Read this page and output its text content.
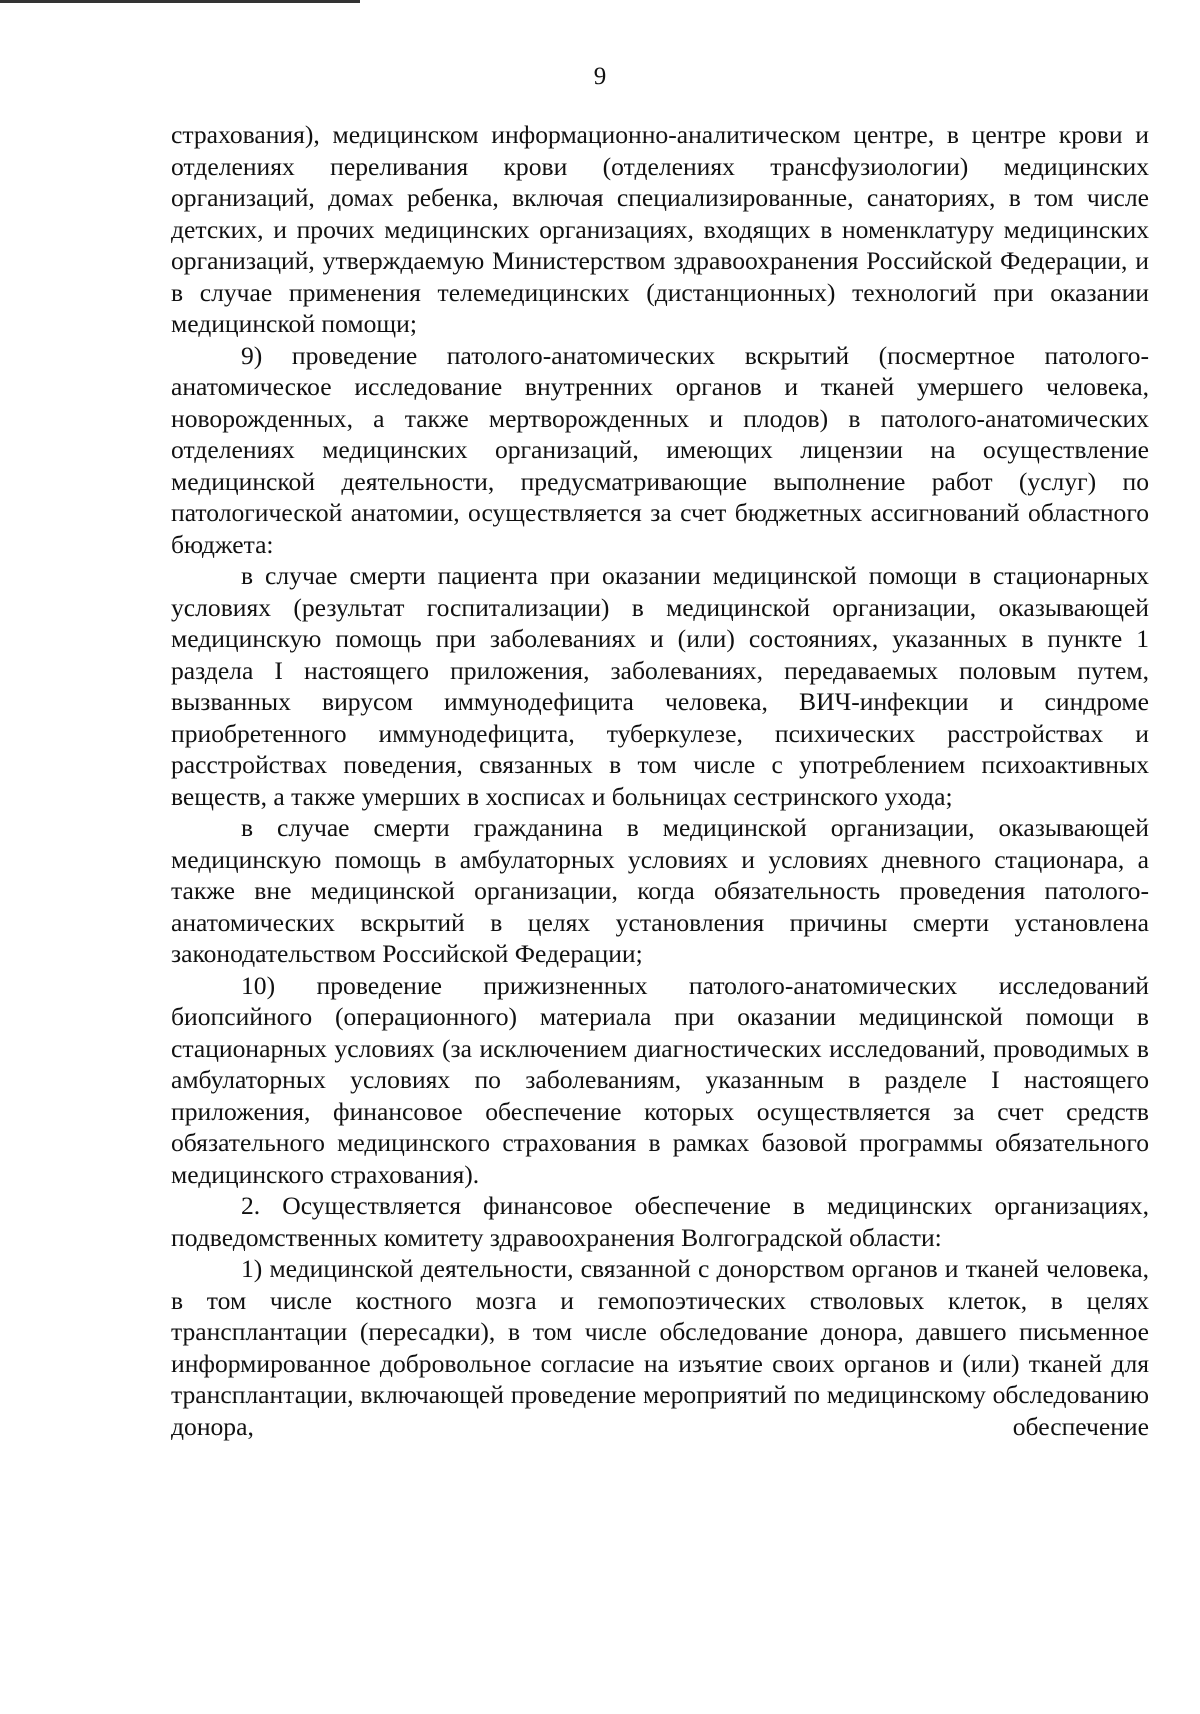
9

страхования), медицинском информационно-аналитическом центре, в центре крови и отделениях переливания крови (отделениях трансфузиологии) медицинских организаций, домах ребенка, включая специализированные, санаториях, в том числе детских, и прочих медицинских организациях, входящих в номенклатуру медицинских организаций, утверждаемую Министерством здравоохранения Российской Федерации, и в случае применения телемедицинских (дистанционных) технологий при оказании медицинской помощи;

9) проведение патолого-анатомических вскрытий (посмертное патолого-анатомическое исследование внутренних органов и тканей умершего человека, новорожденных, а также мертворожденных и плодов) в патолого-анатомических отделениях медицинских организаций, имеющих лицензии на осуществление медицинской деятельности, предусматривающие выполнение работ (услуг) по патологической анатомии, осуществляется за счет бюджетных ассигнований областного бюджета:

в случае смерти пациента при оказании медицинской помощи в стационарных условиях (результат госпитализации) в медицинской организации, оказывающей медицинскую помощь при заболеваниях и (или) состояниях, указанных в пункте 1 раздела I настоящего приложения, заболеваниях, передаваемых половым путем, вызванных вирусом иммунодефицита человека, ВИЧ-инфекции и синдроме приобретенного иммунодефицита, туберкулезе, психических расстройствах и расстройствах поведения, связанных в том числе с употреблением психоактивных веществ, а также умерших в хосписах и больницах сестринского ухода;

в случае смерти гражданина в медицинской организации, оказывающей медицинскую помощь в амбулаторных условиях и условиях дневного стационара, а также вне медицинской организации, когда обязательность проведения патолого-анатомических вскрытий в целях установления причины смерти установлена законодательством Российской Федерации;

10) проведение прижизненных патолого-анатомических исследований биопсийного (операционного) материала при оказании медицинской помощи в стационарных условиях (за исключением диагностических исследований, проводимых в амбулаторных условиях по заболеваниям, указанным в разделе I настоящего приложения, финансовое обеспечение которых осуществляется за счет средств обязательного медицинского страхования в рамках базовой программы обязательного медицинского страхования).

2. Осуществляется финансовое обеспечение в медицинских организациях, подведомственных комитету здравоохранения Волгоградской области:

1) медицинской деятельности, связанной с донорством органов и тканей человека, в том числе костного мозга и гемопоэтических стволовых клеток, в целях трансплантации (пересадки), в том числе обследование донора, давшего письменное информированное добровольное согласие на изъятие своих органов и (или) тканей для трансплантации, включающей проведение мероприятий по медицинскому обследованию донора, обеспечение
